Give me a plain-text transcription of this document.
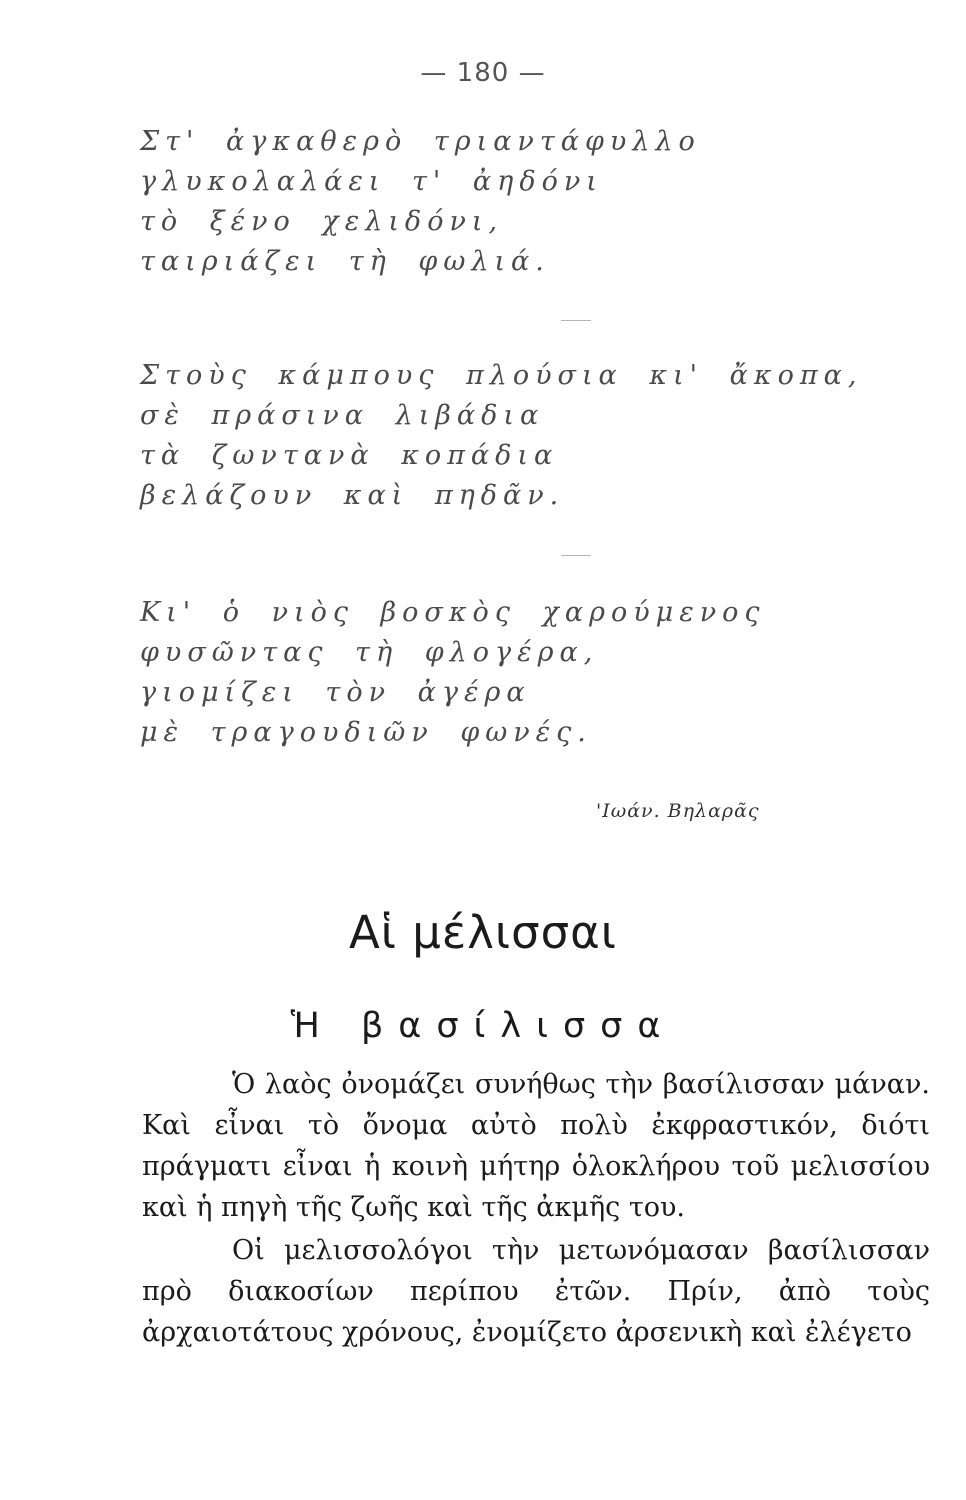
— 180 —
Στ' ἀγκαθερὸ τριαντάφυλλο
γλυκολαλάει τ' ἀηδόνι
τὸ ξένο χελιδόνι,
ταιριάζει τὴ φωλιά.
Στοὺς κάμπους πλούσια κι' ἄκοπα,
σὲ πράσινα λιβάδια
τὰ ζωντανὰ κοπάδια
βελάζουν καὶ πηδᾶν.
Κι' ὁ νιὸς βοσκὸς χαρούμενος
φυσῶντας τὴ φλογέρα,
γιομίζει τὸν ἀγέρα
μὲ τραγουδιῶν φωνές.
'Ιωάν. Βηλαρᾶς
Αἱ μέλισσαι
Ἡ βασίλισσα

Ὁ λαὸς ὀνομάζει συνήθως τὴν βασίλισσαν μάναν. Καὶ εἶναι τὸ ὄνομα αὐτὸ πολὺ ἐκφραστικόν, διότι πράγματι εἶναι ἡ κοινὴ μήτηρ ὁλοκλήρου τοῦ μελισσίου καὶ ἡ πηγὴ τῆς ζωῆς καὶ τῆς ἀκμῆς του.

Οἱ μελισσολόγοι τὴν μετωνόμασαν βασίλισσαν πρὸ διακοσίων περίπου ἐτῶν. Πρίν, ἀπὸ τοὺς ἀρχαιοτάτους χρόνους, ἐνομίζετο ἀρσενικὴ καὶ ἐλέγετο
